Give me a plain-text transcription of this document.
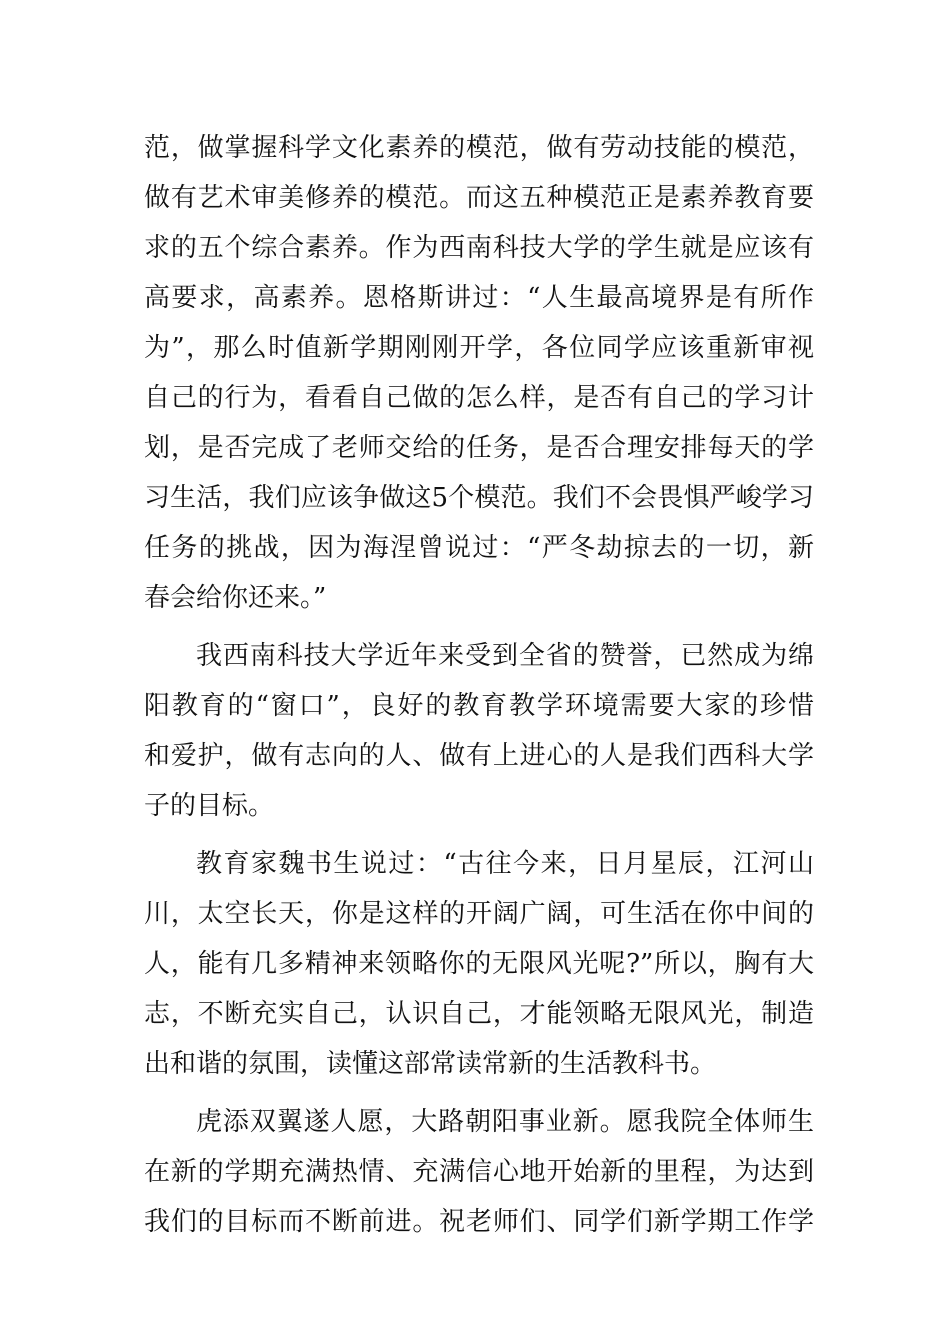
范，做掌握科学文化素养的模范，做有劳动技能的模范，
做有艺术审美修养的模范。而这五种模范正是素养教育要
求的五个综合素养。作为西南科技大学的学生就是应该有
高要求，高素养。恩格斯讲过：“人生最高境界是有所作
为”，那么时值新学期刚刚开学，各位同学应该重新审视
自己的行为，看看自己做的怎么样，是否有自己的学习计
划，是否完成了老师交给的任务，是否合理安排每天的学
习生活，我们应该争做这5个模范。我们不会畏惧严峻学习
任务的挑战，因为海涅曾说过：“严冬劫掠去的一切，新
春会给你还来。”
我西南科技大学近年来受到全省的赞誉，已然成为绵
阳教育的“窗口”，良好的教育教学环境需要大家的珍惜
和爱护，做有志向的人、做有上进心的人是我们西科大学
子的目标。
教育家魏书生说过：“古往今来，日月星辰，江河山
川，太空长天，你是这样的开阔广阔，可生活在你中间的
人，能有几多精神来领略你的无限风光呢?”所以，胸有大
志，不断充实自己，认识自己，才能领略无限风光，制造
出和谐的氛围，读懂这部常读常新的生活教科书。
虎添双翼遂人愿，大路朝阳事业新。愿我院全体师生
在新的学期充满热情、充满信心地开始新的里程，为达到
我们的目标而不断前进。祝老师们、同学们新学期工作学
